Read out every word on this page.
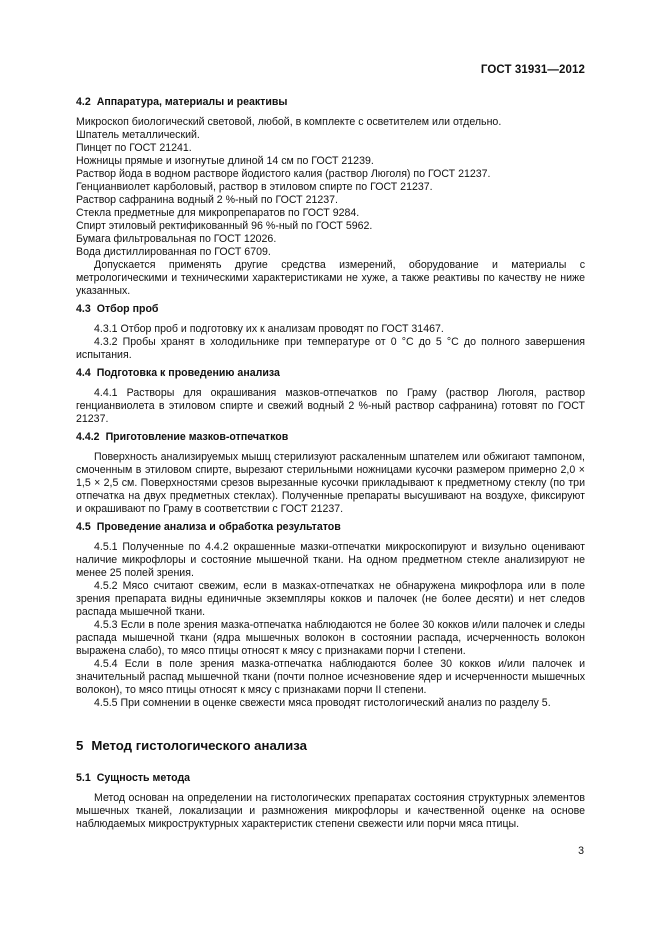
ГОСТ 31931—2012
4.2 Аппаратура, материалы и реактивы

Микроскоп биологический световой, любой, в комплекте с осветителем или отдельно.

Шпатель металлический.

Пинцет по ГОСТ 21241.

Ножницы прямые и изогнутые длиной 14 см по ГОСТ 21239.

Раствор йода в водном растворе йодистого калия (раствор Люголя) по ГОСТ 21237.

Генцианвиолет карболовый, раствор в этиловом спирте по ГОСТ 21237.

Раствор сафранина водный 2 %-ный по ГОСТ 21237.

Стекла предметные для микропрепаратов по ГОСТ 9284.

Спирт этиловый ректификованный 96 %-ный по ГОСТ 5962.

Бумага фильтровальная по ГОСТ 12026.

Вода дистиллированная по ГОСТ 6709.

Допускается применять другие средства измерений, оборудование и материалы с метрологическими и техническими характеристиками не хуже, а также реактивы по качеству не ниже указанных.

4.3 Отбор проб

4.3.1 Отбор проб и подготовку их к анализам проводят по ГОСТ 31467.

4.3.2 Пробы хранят в холодильнике при температуре от 0 °С до 5 °С до полного завершения испытания.

4.4 Подготовка к проведению анализа

4.4.1 Растворы для окрашивания мазков-отпечатков по Граму (раствор Люголя, раствор генцианвиолета в этиловом спирте и свежий водный 2 %-ный раствор сафранина) готовят по ГОСТ 21237.

4.4.2 Приготовление мазков-отпечатков

Поверхность анализируемых мышц стерилизуют раскаленным шпателем или обжигают тампоном, смоченным в этиловом спирте, вырезают стерильными ножницами кусочки размером примерно 2,0 × 1,5 × 2,5 см. Поверхностями срезов вырезанные кусочки прикладывают к предметному стеклу (по три отпечатка на двух предметных стеклах). Полученные препараты высушивают на воздухе, фиксируют и окрашивают по Граму в соответствии с ГОСТ 21237.

4.5 Проведение анализа и обработка результатов

4.5.1 Полученные по 4.4.2 окрашенные мазки-отпечатки микроскопируют и визульно оценивают наличие микрофлоры и состояние мышечной ткани. На одном предметном стекле анализируют не менее 25 полей зрения.

4.5.2 Мясо считают свежим, если в мазках-отпечатках не обнаружена микрофлора или в поле зрения препарата видны единичные экземпляры кокков и палочек (не более десяти) и нет следов распада мышечной ткани.

4.5.3 Если в поле зрения мазка-отпечатка наблюдаются не более 30 кокков и/или палочек и следы распада мышечной ткани (ядра мышечных волокон в состоянии распада, исчерченность волокон выражена слабо), то мясо птицы относят к мясу с признаками порчи I степени.

4.5.4 Если в поле зрения мазка-отпечатка наблюдаются более 30 кокков и/или палочек и значительный распад мышечной ткани (почти полное исчезновение ядер и исчерченности мышечных волокон), то мясо птицы относят к мясу с признаками порчи II степени.

4.5.5 При сомнении в оценке свежести мяса проводят гистологический анализ по разделу 5.

5 Метод гистологического анализа
5.1 Сущность метода

Метод основан на определении на гистологических препаратах состояния структурных элементов мышечных тканей, локализации и размножения микрофлоры и качественной оценке на основе наблюдаемых микроструктурных характеристик степени свежести или порчи мяса птицы.

3
